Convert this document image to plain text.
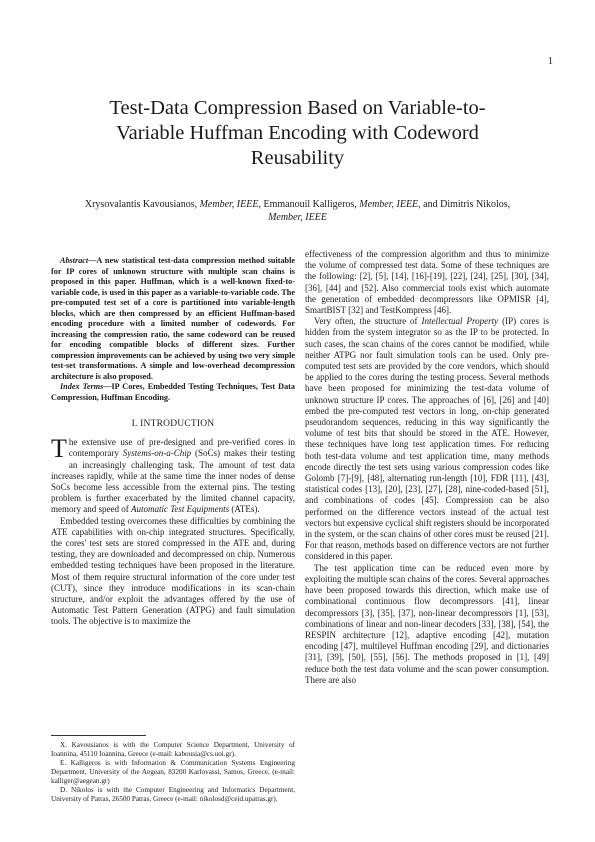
1
Test-Data Compression Based on Variable-to-
Variable Huffman Encoding with Codeword
Reusability
Xrysovalantis Kavousianos, Member, IEEE, Emmanouil Kalligeros, Member, IEEE, and Dimitris Nikolos, Member, IEEE

Abstract—A new statistical test-data compression method suitable for IP cores of unknown structure with multiple scan chains is proposed in this paper. Huffman, which is a well-known fixed-to-variable code, is used in this paper as a variable-to-variable code. The pre-computed test set of a core is partitioned into variable-length blocks, which are then compressed by an efficient Huffman-based encoding procedure with a limited number of codewords. For increasing the compression ratio, the same codeword can be reused for encoding compatible blocks of different sizes. Further compression improvements can be achieved by using two very simple test-set transformations. A simple and low-overhead decompression architecture is also proposed.

Index Terms—IP Cores, Embedded Testing Techniques, Test Data Compression, Huffman Encoding.

I. INTRODUCTION

The extensive use of pre-designed and pre-verified cores in contemporary Systems-on-a-Chip (SoCs) makes their testing an increasingly challenging task. The amount of test data increases rapidly, while at the same time the inner nodes of dense SoCs become less accessible from the external pins. The testing problem is further exacerbated by the limited channel capacity, memory and speed of Automatic Test Equipments (ATEs).

Embedded testing overcomes these difficulties by combining the ATE capabilities with on-chip integrated structures. Specifically, the cores' test sets are stored compressed in the ATE and, during testing, they are downloaded and decompressed on chip. Numerous embedded testing techniques have been proposed in the literature. Most of them require structural information of the core under test (CUT), since they introduce modifications in its scan-chain structure, and/or exploit the advantages offered by the use of Automatic Test Pattern Generation (ATPG) and fault simulation tools. The objective is to maximize the

effectiveness of the compression algorithm and thus to minimize the volume of compressed test data. Some of these techniques are the following: [2], [5], [14], [16]-[19], [22], [24], [25], [30], [34], [36], [44] and [52]. Also commercial tools exist which automate the generation of embedded decompressors like OPMISR [4], SmartBIST [32] and TestKompress [46].

Very often, the structure of Intellectual Property (IP) cores is hidden from the system integrator so as the IP to be protected. In such cases, the scan chains of the cores cannot be modified, while neither ATPG nor fault simulation tools can be used. Only pre-computed test sets are provided by the core vendors, which should be applied to the cores during the testing process. Several methods have been proposed for minimizing the test-data volume of unknown structure IP cores. The approaches of [6], [26] and [40] embed the pre-computed test vectors in long, on-chip generated pseudorandom sequences, reducing in this way significantly the volume of test bits that should be stored in the ATE. However, these techniques have long test application times. For reducing both test-data volume and test application time, many methods encode directly the test sets using various compression codes like Golomb [7]-[9], [48], alternating run-length [10], FDR [11], [43], statistical codes [13], [20], [23], [27], [28], nine-coded-based [51], and combinations of codes [45]. Compression can be also performed on the difference vectors instead of the actual test vectors but expensive cyclical shift registers should be incorporated in the system, or the scan chains of other cores must be reused [21]. For that reason, methods based on difference vectors are not further considered in this paper.

The test application time can be reduced even more by exploiting the multiple scan chains of the cores. Several approaches have been proposed towards this direction, which make use of combinational continuous flow decompressors [41], linear decompressors [3], [35], [37], non-linear decompressors [1], [53], combinations of linear and non-linear decoders [33], [38], [54], the RESPIN architecture [12], adaptive encoding [42], mutation encoding [47], multilevel Huffman encoding [29], and dictionaries [31], [39], [50], [55], [56]. The methods proposed in [1], [49] reduce both the test data volume and the scan power consumption. There are also

X. Kavousianos is with the Computer Science Department, University of Ioannina, 45110 Ioannina, Greece (e-mail: kabousia@cs.uoi.gr).

E. Kalligeros is with Information & Communication Systems Engineering Department, University of the Aegean, 83200 Karlovassi, Samos, Greece, (e-mail: kalliger@aegean.gr)

D. Nikolos is with the Computer Engineering and Informatics Department, University of Patras, 26500 Patras, Greece (e-mail: nikolosd@ceid.upatras.gr).
